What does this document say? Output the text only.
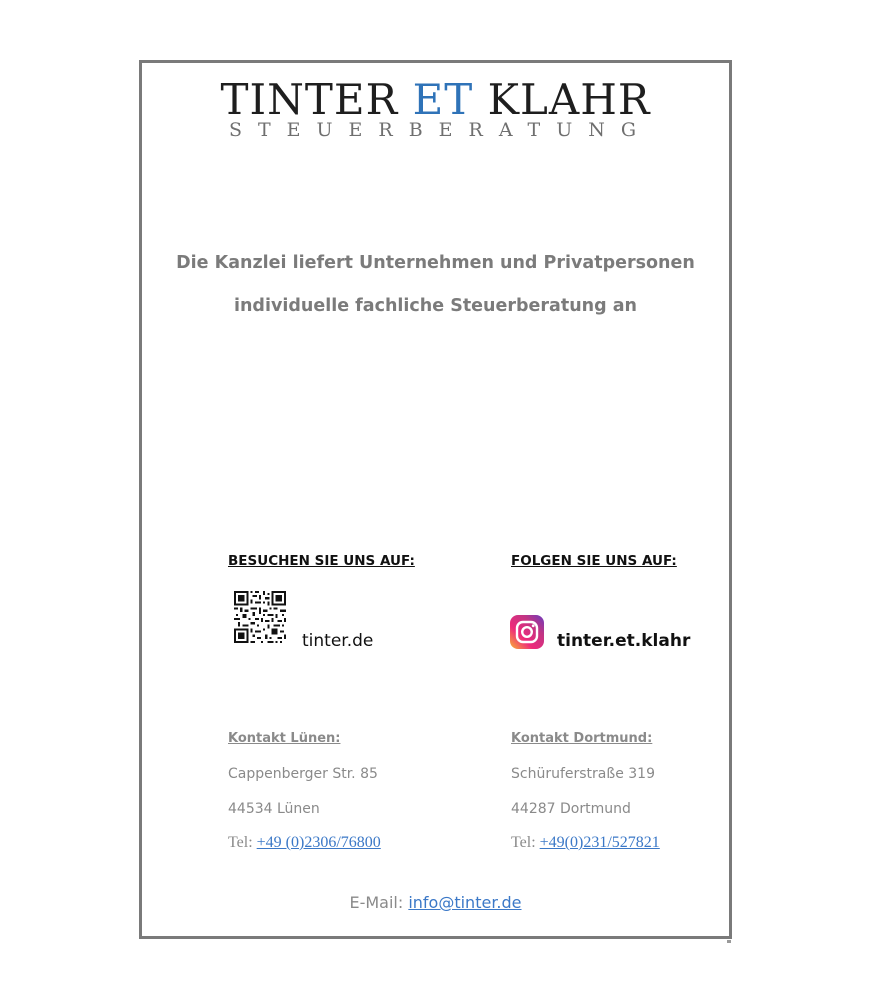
TINTER ET KLAHR
STEUERBERATUNG
Die Kanzlei liefert Unternehmen und Privatpersonen
individuelle fachliche Steuerberatung an
BESUCHEN SIE UNS AUF:	FOLGEN SIE UNS AUF:
tinter.de	tinter.et.klahr
Kontakt Lünen:
Cappenberger Str. 85
44534 Lünen
Tel: +49 (0)2306/76800
Kontakt Dortmund:
Schüruferstraße 319
44287 Dortmund
Tel: +49(0)231/527821
E-Mail: info@tinter.de
